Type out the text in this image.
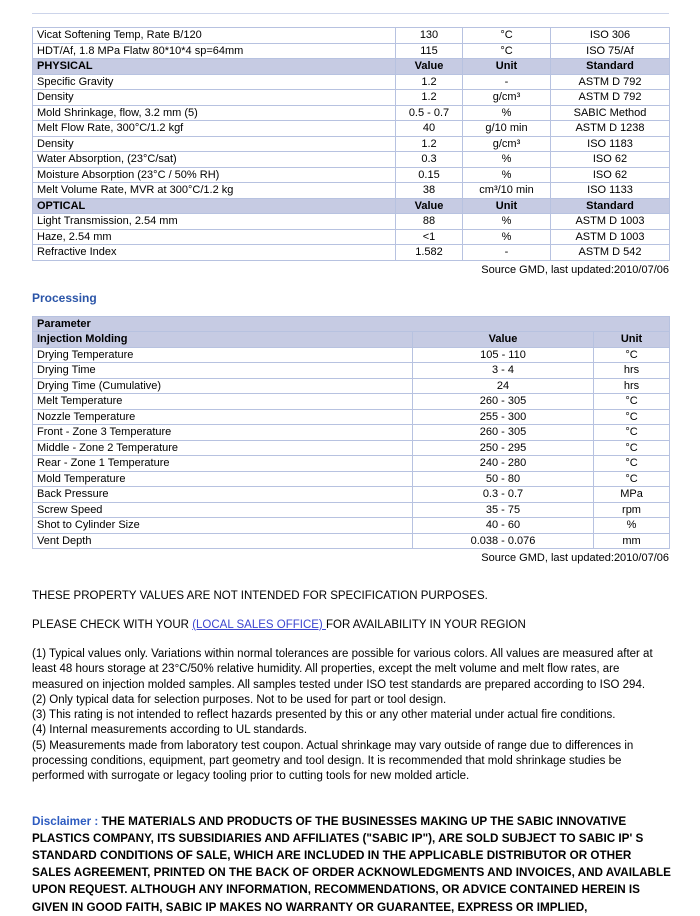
Vicat Softening Temp, Rate B/120	130	°C	ISO 306
HDT/Af, 1.8 MPa Flatw 80*10*4 sp=64mm	115	°C	ISO 75/Af
PHYSICAL	Value	Unit	Standard
Specific Gravity	1.2	-	ASTM D 792
Density	1.2	g/cm³	ASTM D 792
Mold Shrinkage, flow, 3.2 mm (5)	0.5 - 0.7	%	SABIC Method
Melt Flow Rate, 300°C/1.2 kgf	40	g/10 min	ASTM D 1238
Density	1.2	g/cm³	ISO 1183
Water Absorption, (23°C/sat)	0.3	%	ISO 62
Moisture Absorption (23°C / 50% RH)	0.15	%	ISO 62
Melt Volume Rate, MVR at 300°C/1.2 kg	38	cm³/10 min	ISO 1133
OPTICAL	Value	Unit	Standard
Light Transmission, 2.54 mm	88	%	ASTM D 1003
Haze, 2.54 mm	<1	%	ASTM D 1003
Refractive Index	1.582	-	ASTM D 542
Source GMD, last updated:2010/07/06
Processing
Parameter		
Injection Molding	Value	Unit
Drying Temperature	105 - 110	°C
Drying Time	3 - 4	hrs
Drying Time (Cumulative)	24	hrs
Melt Temperature	260 - 305	°C
Nozzle Temperature	255 - 300	°C
Front - Zone 3 Temperature	260 - 305	°C
Middle - Zone 2 Temperature	250 - 295	°C
Rear - Zone 1 Temperature	240 - 280	°C
Mold Temperature	50 - 80	°C
Back Pressure	0.3 - 0.7	MPa
Screw Speed	35 - 75	rpm
Shot to Cylinder Size	40 - 60	%
Vent Depth	0.038 - 0.076	mm
Source GMD, last updated:2010/07/06
THESE PROPERTY VALUES ARE NOT INTENDED FOR SPECIFICATION PURPOSES.
PLEASE CHECK WITH YOUR (LOCAL SALES OFFICE) FOR AVAILABILITY IN YOUR REGION

(1) Typical values only. Variations within normal tolerances are possible for various colors. All values are measured after at least 48 hours storage at 23°C/50% relative humidity. All properties, except the melt volume and melt flow rates, are measured on injection molded samples. All samples tested under ISO test standards are prepared according to ISO 294.

(2) Only typical data for selection purposes. Not to be used for part or tool design.

(3) This rating is not intended to reflect hazards presented by this or any other material under actual fire conditions.

(4) Internal measurements according to UL standards.

(5) Measurements made from laboratory test coupon. Actual shrinkage may vary outside of range due to differences in processing conditions, equipment, part geometry and tool design. It is recommended that mold shrinkage studies be performed with surrogate or legacy tooling prior to cutting tools for new molded article.

Disclaimer : THE MATERIALS AND PRODUCTS OF THE BUSINESSES MAKING UP THE SABIC INNOVATIVE PLASTICS COMPANY, ITS SUBSIDIARIES AND AFFILIATES ("SABIC IP"), ARE SOLD SUBJECT TO SABIC IP' S STANDARD CONDITIONS OF SALE, WHICH ARE INCLUDED IN THE APPLICABLE DISTRIBUTOR OR OTHER SALES AGREEMENT, PRINTED ON THE BACK OF ORDER ACKNOWLEDGMENTS AND INVOICES, AND AVAILABLE UPON REQUEST. ALTHOUGH ANY INFORMATION, RECOMMENDATIONS, OR ADVICE CONTAINED HEREIN IS GIVEN IN GOOD FAITH, SABIC IP MAKES NO WARRANTY OR GUARANTEE, EXPRESS OR IMPLIED,
